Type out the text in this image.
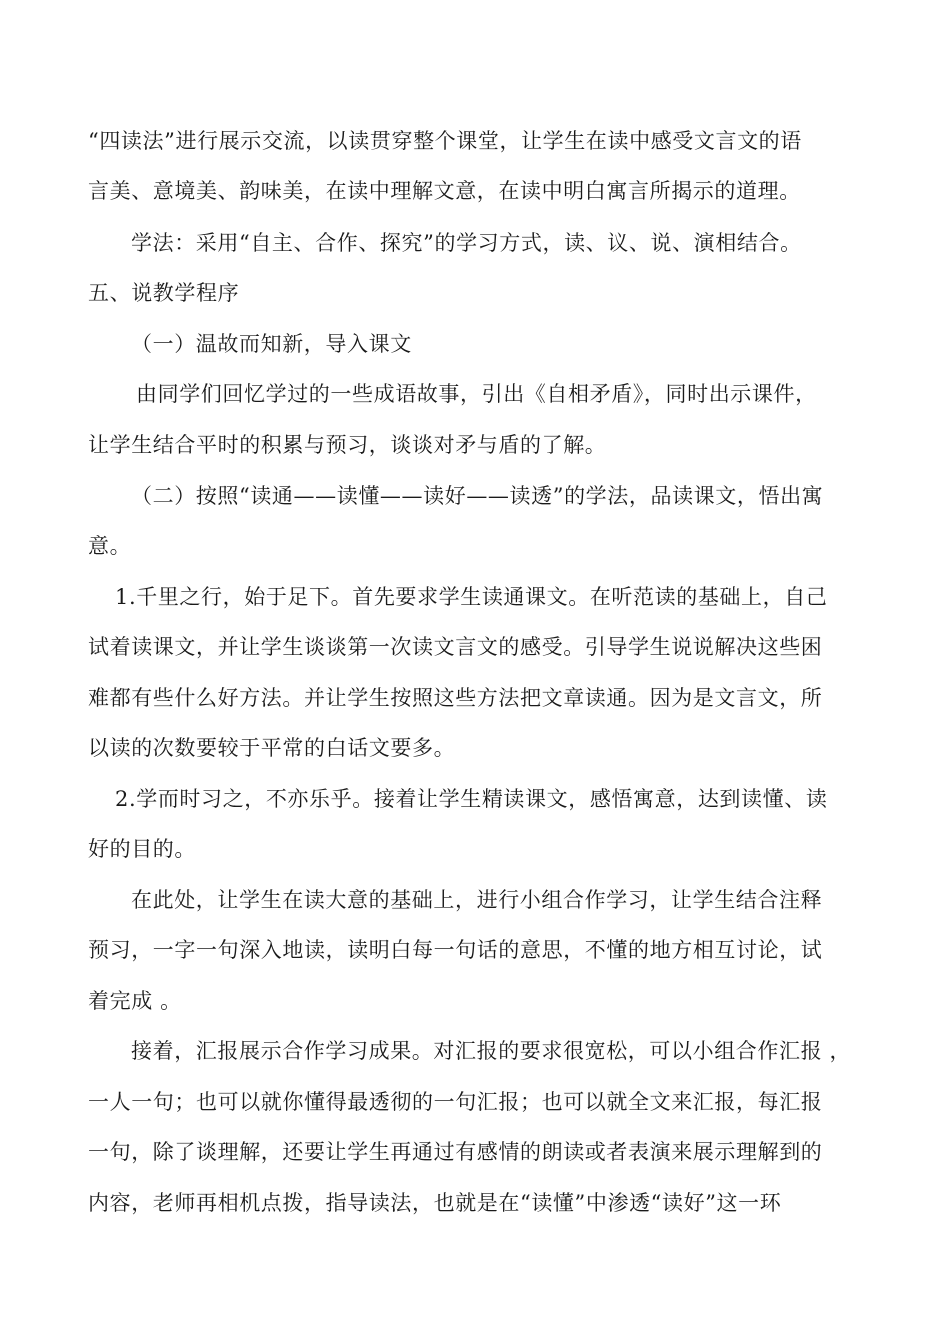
“四读法”进行展示交流，以读贯穿整个课堂，让学生在读中感受文言文的语

言美、意境美、韵味美，在读中理解文意，在读中明白寓言所揭示的道理。

学法：采用“自主、合作、探究”的学习方式，读、议、说、演相结合。

五、说教学程序

（一）温故而知新，导入课文

由同学们回忆学过的一些成语故事，引出《自相矛盾》，同时出示课件，

让学生结合平时的积累与预习，谈谈对矛与盾的了解。

（二）按照“读通——读懂——读好——读透”的学法，品读课文，悟出寓

意。

1.千里之行，始于足下。首先要求学生读通课文。在听范读的基础上，自己

试着读课文，并让学生谈谈第一次读文言文的感受。引导学生说说解决这些困

难都有些什么好方法。并让学生按照这些方法把文章读通。因为是文言文，所

以读的次数要较于平常的白话文要多。

2.学而时习之，不亦乐乎。接着让学生精读课文，感悟寓意，达到读懂、读

好的目的。

在此处，让学生在读大意的基础上，进行小组合作学习，让学生结合注释

预习，一字一句深入地读，读明白每一句话的意思，不懂的地方相互讨论，试

着完成 。

接着，汇报展示合作学习成果。对汇报的要求很宽松，可以小组合作汇报 ，

一人一句；也可以就你懂得最透彻的一句汇报；也可以就全文来汇报，每汇报

一句，除了谈理解，还要让学生再通过有感情的朗读或者表演来展示理解到的

内容，老师再相机点拨，指导读法，也就是在“读懂”中渗透“读好”这一环
